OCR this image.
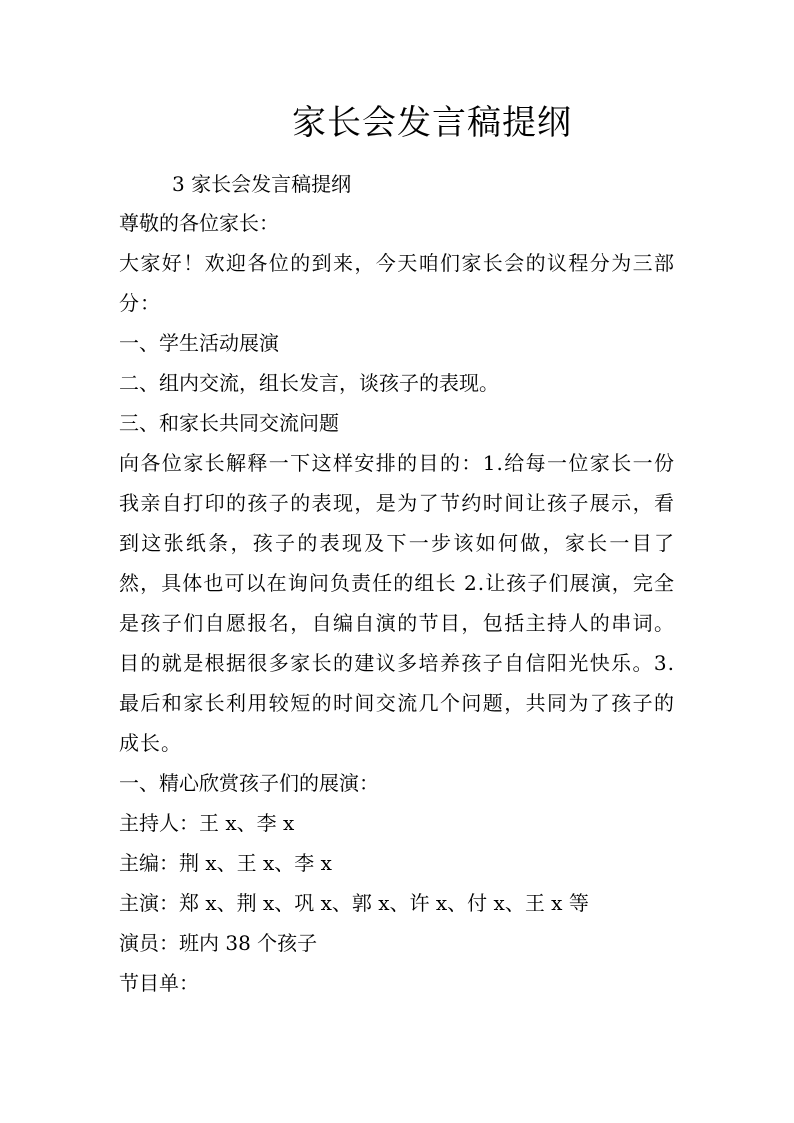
家长会发言稿提纲
3 家长会发言稿提纲
尊敬的各位家长：
大家好！欢迎各位的到来，今天咱们家长会的议程分为三部分：
一、学生活动展演
二、组内交流，组长发言，谈孩子的表现。
三、和家长共同交流问题
向各位家长解释一下这样安排的目的：1.给每一位家长一份我亲自打印的孩子的表现，是为了节约时间让孩子展示，看到这张纸条，孩子的表现及下一步该如何做，家长一目了然，具体也可以在询问负责任的组长 2.让孩子们展演，完全是孩子们自愿报名，自编自演的节目，包括主持人的串词。目的就是根据很多家长的建议多培养孩子自信阳光快乐。3.最后和家长利用较短的时间交流几个问题，共同为了孩子的成长。
一、精心欣赏孩子们的展演：
主持人：王 x、李 x
主编：荆 x、王 x、李 x
主演：郑 x、荆 x、巩 x、郭 x、许 x、付 x、王 x 等
演员：班内 38 个孩子
节目单：
